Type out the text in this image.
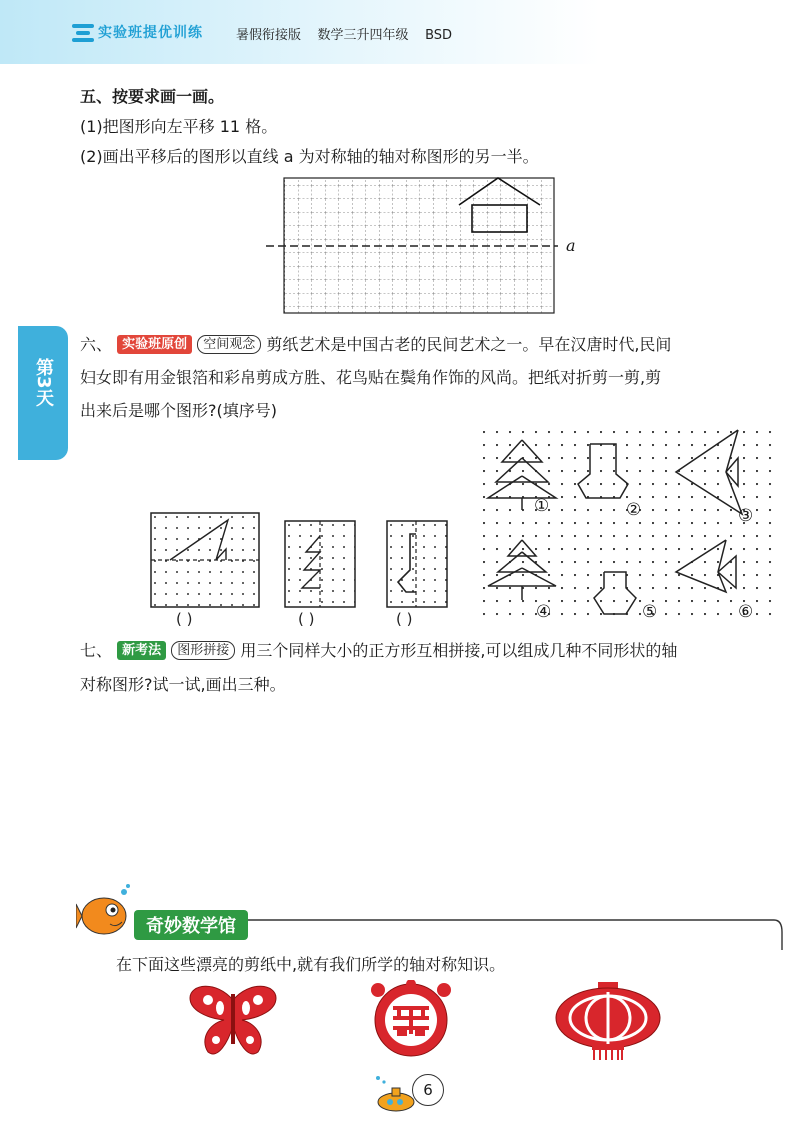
实验班提优训练	暑假衔接版 数学三升四年级 BSD
第3天
五、按要求画一画。
(1)把图形向左平移 11 格。
(2)画出平移后的图形以直线 a 为对称轴的轴对称图形的另一半。
a
六、 实验班原创 空间观念 剪纸艺术是中国古老的民间艺术之一。早在汉唐时代,民间
妇女即有用金银箔和彩帛剪成方胜、花鸟贴在鬓角作饰的风尚。把纸对折剪一剪,剪
出来后是哪个图形?(填序号)
( )	( )	( )
①	②	③
④	⑤	⑥
七、 新考法 图形拼接 用三个同样大小的正方形互相拼接,可以组成几种不同形状的轴
对称图形?试一试,画出三种。
奇妙数学馆
在下面这些漂亮的剪纸中,就有我们所学的轴对称知识。
6
